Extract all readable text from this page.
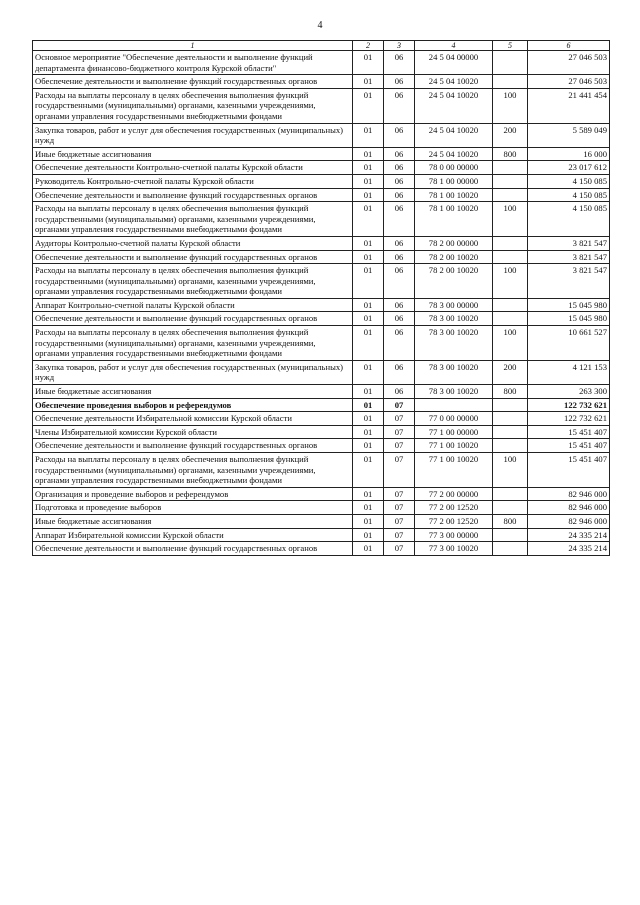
4
1	2	3	4	5	6
Основное мероприятие "Обеспечение деятельности и выполнение функций департамента финансово-бюджетного контроля Курской области"	01	06	24 5 04 00000		27 046 503
Обеспечение деятельности и выполнение функций государственных органов	01	06	24 5 04 10020		27 046 503
Расходы на выплаты персоналу в целях обеспечения выполнения функций государственными (муниципальными) органами, казенными учреждениями, органами управления государственными внебюджетными фондами	01	06	24 5 04 10020	100	21 441 454
Закупка товаров, работ и услуг для обеспечения государственных (муниципальных) нужд	01	06	24 5 04 10020	200	5 589 049
Иные бюджетные ассигнования	01	06	24 5 04 10020	800	16 000
Обеспечение деятельности Контрольно-счетной палаты Курской области	01	06	78 0 00 00000		23 017 612
Руководитель Контрольно-счетной палаты Курской области	01	06	78 1 00 00000		4 150 085
Обеспечение деятельности и выполнение функций государственных органов	01	06	78 1 00 10020		4 150 085
Расходы на выплаты персоналу в целях обеспечения выполнения функций государственными (муниципальными) органами, казенными учреждениями, органами управления государственными внебюджетными фондами	01	06	78 1 00 10020	100	4 150 085
Аудиторы Контрольно-счетной палаты Курской области	01	06	78 2 00 00000		3 821 547
Обеспечение деятельности и выполнение функций государственных органов	01	06	78 2 00 10020		3 821 547
Расходы на выплаты персоналу в целях обеспечения выполнения функций государственными (муниципальными) органами, казенными учреждениями, органами управления государственными внебюджетными фондами	01	06	78 2 00 10020	100	3 821 547
Аппарат Контрольно-счетной палаты Курской области	01	06	78 3 00 00000		15 045 980
Обеспечение деятельности и выполнение функций государственных органов	01	06	78 3 00 10020		15 045 980
Расходы на выплаты персоналу в целях обеспечения выполнения функций государственными (муниципальными) органами, казенными учреждениями, органами управления государственными внебюджетными фондами	01	06	78 3 00 10020	100	10 661 527
Закупка товаров, работ и услуг для обеспечения государственных (муниципальных) нужд	01	06	78 3 00 10020	200	4 121 153
Иные бюджетные ассигнования	01	06	78 3 00 10020	800	263 300
Обеспечение проведения выборов и референдумов	01	07			122 732 621
Обеспечение деятельности Избирательной комиссии Курской области	01	07	77 0 00 00000		122 732 621
Члены Избирательной комиссии Курской области	01	07	77 1 00 00000		15 451 407
Обеспечение деятельности и выполнение функций государственных органов	01	07	77 1 00 10020		15 451 407
Расходы на выплаты персоналу в целях обеспечения выполнения функций государственными (муниципальными) органами, казенными учреждениями, органами управления государственными внебюджетными фондами	01	07	77 1 00 10020	100	15 451 407
Организация и проведение выборов и референдумов	01	07	77 2 00 00000		82 946 000
Подготовка и проведение выборов	01	07	77 2 00 12520		82 946 000
Иные бюджетные ассигнования	01	07	77 2 00 12520	800	82 946 000
Аппарат Избирательной комиссии Курской области	01	07	77 3 00 00000		24 335 214
Обеспечение деятельности и выполнение функций государственных органов	01	07	77 3 00 10020		24 335 214
